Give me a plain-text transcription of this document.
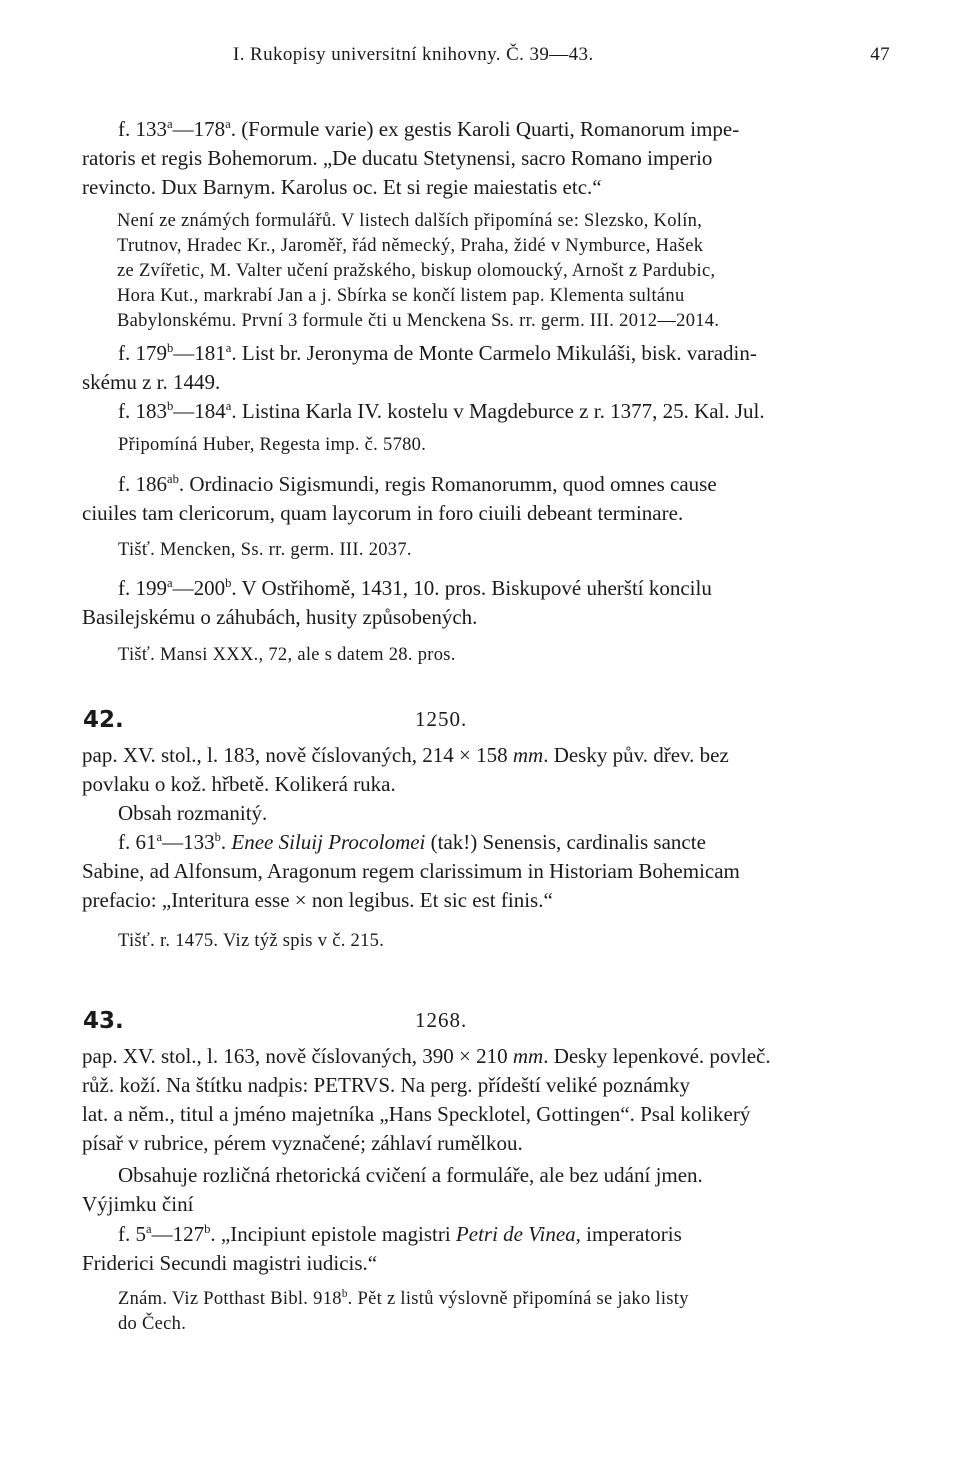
I. Rukopisy universitní knihovny. Č. 39—43.	47
42.	1250.
43.	1268.
f. 133$^a$—178$^a$. (Formule varie) ex gestis Karoli Quarti, Romanorum impe-
ratoris et regis Bohemorum. „De ducatu Stetynensi, sacro Romano imperio
revincto. Dux Barnym. Karolus oc. Et si regie maiestatis etc.“
Není ze známých formulářů. V listech dalších připomíná se: Slezsko, Kolín,
Trutnov, Hradec Kr., Jaroměř, řád německý, Praha, židé v Nymburce, Hašek
ze Zvířetic, M. Valter učení pražského, biskup olomoucký, Arnošt z Pardubic,
Hora Kut., markrabí Jan a j. Sbírka se končí listem pap. Klementa sultánu
Babylonskému. První 3 formule čti u Menckena Ss. rr. germ. III. 2012—2014.
f. 179$^b$—181$^a$. List br. Jeronyma de Monte Carmelo Mikuláši, bisk. varadin-
skému z r. 1449.
f. 183$^b$—184$^a$. Listina Karla IV. kostelu v Magdeburce z r. 1377, 25. Kal. Jul.
Připomíná Huber, Regesta imp. č. 5780.
f. $186^{ab}$. Ordinacio Sigismundi, regis Romanorumm, quod omnes cause
ciuiles tam clericorum, quam laycorum in foro ciuili debeant terminare.
Tišť. Mencken, Ss. rr. germ. III. 2037.
f. 199$^a$—200$^b$. V Ostřihomě, 1431, 10. pros. Biskupové uherští koncilu
Basilejskému o záhubách, husity způsobených.
Tišť. Mansi XXX., 72, ale s datem 28. pros.
pap. XV. stol., l. 183, nově číslovaných, 214 × 158 mm. Desky pův. dřev. bez
povlaku o kož. hřbetě. Kolikerá ruka.
Obsah rozmanitý.
f. 61$^a$—133$^b$. Enee Siluij Procolomei (tak!) Senensis, cardinalis sancte
Sabine, ad Alfonsum, Aragonum regem clarissimum in Historiam Bohemicam
prefacio: „Interitura esse × non legibus. Et sic est finis.“
Tišť. r. 1475. Viz týž spis v č. 215.
pap. XV. stol., l. 163, nově číslovaných, 390 × 210 mm. Desky lepenkové. povleč.
růž. koží. Na štítku nadpis: PETRVS. Na perg. přídeští veliké poznámky
lat. a něm., titul a jméno majetníka „Hans Specklotel, Gottingen“. Psal kolikerý
písař v rubrice, pérem vyznačené; záhlaví rumělkou.
Obsahuje rozličná rhetorická cvičení a formuláře, ale bez udání jmen.
Výjimku činí
f. 5$^a$—127$^b$. „Incipiunt epistole magistri Petri de Vinea, imperatoris
Friderici Secundi magistri iudicis.“
Znám. Viz Potthast Bibl. 918$^b$. Pět z listů výslovně připomíná se jako listy
do Čech.
